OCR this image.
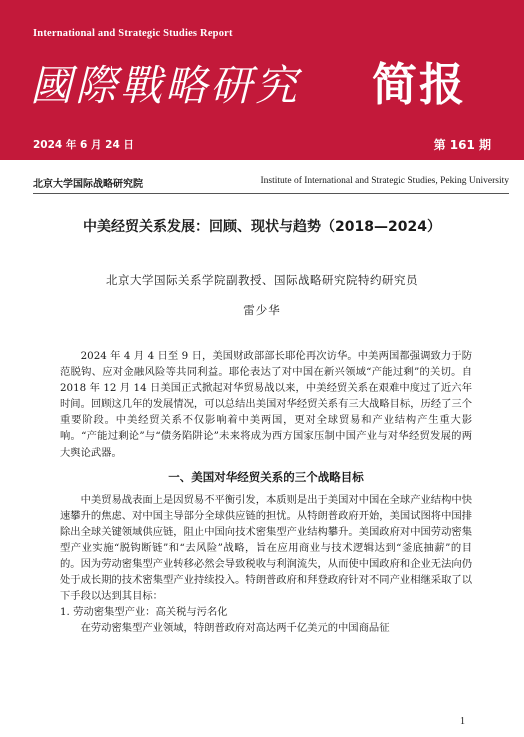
International and Strategic Studies Report
國際戰略研究 简报
2024 年 6 月 24 日	第 161 期
北京大学国际战略研究院	Institute of International and Strategic Studies, Peking University
中美经贸关系发展：回顾、现状与趋势（2018—2024）
北京大学国际关系学院副教授、国际战略研究院特约研究员
雷少华

2024 年 4 月 4 日至 9 日，美国财政部部长耶伦再次访华。中美两国都强调致力于防范脱钩、应对金融风险等共同利益。耶伦表达了对中国在新兴领域“产能过剩”的关切。自 2018 年 12 月 14 日美国正式掀起对华贸易战以来，中美经贸关系在艰难中度过了近六年时间。回顾这几年的发展情况，可以总结出美国对华经贸关系有三大战略目标，历经了三个重要阶段。中美经贸关系不仅影响着中美两国，更对全球贸易和产业结构产生重大影响。“产能过剩论”与“债务陷阱论”未来将成为西方国家压制中国产业与对华经贸发展的两大舆论武器。

一、美国对华经贸关系的三个战略目标

中美贸易战表面上是因贸易不平衡引发，本质则是出于美国对中国在全球产业结构中快速攀升的焦虑、对中国主导部分全球供应链的担忧。从特朗普政府开始，美国试图将中国排除出全球关键领域供应链，阻止中国向技术密集型产业结构攀升。美国政府对中国劳动密集型产业实施“脱钩断链”和“去风险”战略，旨在应用商业与技术逻辑达到“釜底抽薪”的目的。因为劳动密集型产业转移必然会导致税收与利润流失，从而使中国政府和企业无法向仍处于成长期的技术密集型产业持续投入。特朗普政府和拜登政府针对不同产业相继采取了以下手段以达到其目标：

1. 劳动密集型产业：高关税与污名化

在劳动密集型产业领域，特朗普政府对高达两千亿美元的中国商品征

1
